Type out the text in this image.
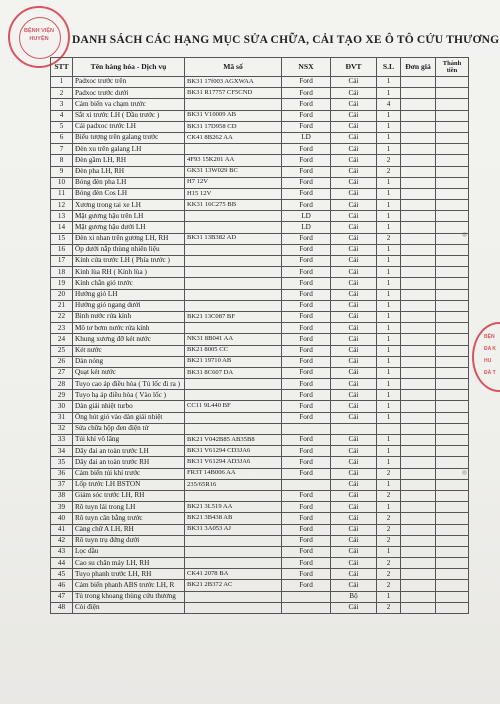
BỆNH VIỆN
HUYỆN
BỆN
ĐA K
HU
ĐÀ T
DANH SÁCH CÁC HẠNG MỤC SỬA CHỮA, CẢI TẠO XE Ô TÔ CỨU THƯƠNG
STT	Tên hàng hóa - Dịch vụ	Mã số	NSX	ĐVT	S.L	Đơn giá	Thành tiền
1	Padxoc trước trên	BK31 17f003 AGXWAA	Ford	Cái	1		
2	Padxoc trước dưới	BK31 R17757 CF5CND	Ford	Cái	1		
3	Cảm biến va chạm trước		Ford	Cái	4		
4	Sắt xi trước LH ( Dầu trước )	BK31 V10009 AB	Ford	Cái	1		
5	Cái padxoc trước LH	BK31 17D958 CD	Ford	Cái	1		
6	Biểu tượng trên galang trước	CK41 8B262 AA	LD	Cái	1		
7	Đèn xu trên galang LH		Ford	Cái	1		
8	Đèn gầm LH, RH	4F93 15K201 AA	Ford	Cái	2		
9	Đèn pha LH, RH	GK31 13W029 BC	Ford	Cái	2		
10	Bóng đèn pha LH	H7 12V	Ford	Cái	1		
11	Bóng đèn Cos LH	H15 12V	Ford	Cái	1		
12	Xương trong tai xe LH	KK31 16C275 BB	Ford	Cái	1		
13	Mặt gương hậu trên LH		LD	Cái	1		
14	Mặt gương hậu dưới LH		LD	Cái	1		
15	Đèn xi nhan trên gương LH, RH	BK31 13B382 AD	Ford	Cái	2		
16	Ốp dưới nắp thùng nhiên liệu		Ford	Cái	1		
17	Kính cửa trước LH ( Phía trước )		Ford	Cái	1		
18	Kính lùa RH ( Kính lùa )		Ford	Cái	1		
19	Kính chắn gió trước		Ford	Cái	1		
20	Hướng gió LH		Ford	Cái	1		
21	Hướng gió ngang dưới		Ford	Cái	1		
22	Bình nước rửa kính	BK21 13C087 BF	Ford	Cái	1		
23	Mô tơ bơm nước rửa kính		Ford	Cái	1		
24	Khung xương đỡ két nước	NK31 8B041 AA	Ford	Cái	1		
25	Két nước	BK21 8005 CC	Ford	Cái	1		
26	Dàn nóng	BK21 19710 AB	Ford	Cái	1		
27	Quạt két nước	BK31 8C607 DA	Ford	Cái	1		
28	Tuyo cao áp điều hòa ( Tủ lốc đi ra )		Ford	Cái	1		
29	Tuyo hạ áp điều hòa ( Vào lốc )		Ford	Cái	1		
30	Dàn giải nhiệt turbo	CC11 9L440 BF	Ford	Cái	1		
31	Ống hút gió vào dàn giải nhiệt		Ford	Cái	1		
32	Sửa chữa hộp đen điện tử						
33	Túi khí vô lăng	BK21 V042B85 AB35B8	Ford	Cái	1		
34	Dây đai an toàn trước LH	BK31 V61294 CD3JA6	Ford	Cái	1		
35	Dây đai an toàn trước RH	BK31 V61294 AD3JA6	Ford	Cái	1		
36	Cảm biến túi khí trước	FR3T 14B006 AA	Ford	Cái	2		
37	Lốp trước LH BSTON	235/65R16		Cái	1		
38	Giảm sóc trước LH, RH		Ford	Cái	2		
39	Rô tuyn lái trong LH	BK21 3L519 AA	Ford	Cái	1		
40	Rô tuyn cân bằng trước	BK21 3B438 AB	Ford	Cái	2		
41	Càng chữ A LH, RH	BK31 3A053 AJ	Ford	Cái	2		
42	Rô tuyn trụ đứng dưới		Ford	Cái	2		
43	Lọc dầu		Ford	Cái	1		
44	Cao su chân máy LH, RH		Ford	Cái	2		
45	Tuyo phanh trước LH, RH	CK41 2078 BA	Ford	Cái	2		
46	Cảm biến phanh ABS trước LH, R	BK21 2B372 AC	Ford	Cái	2		
47	Tủ trong khoang thùng cứu thương			Bộ	1		
48	Còi điện			Cái	2		
